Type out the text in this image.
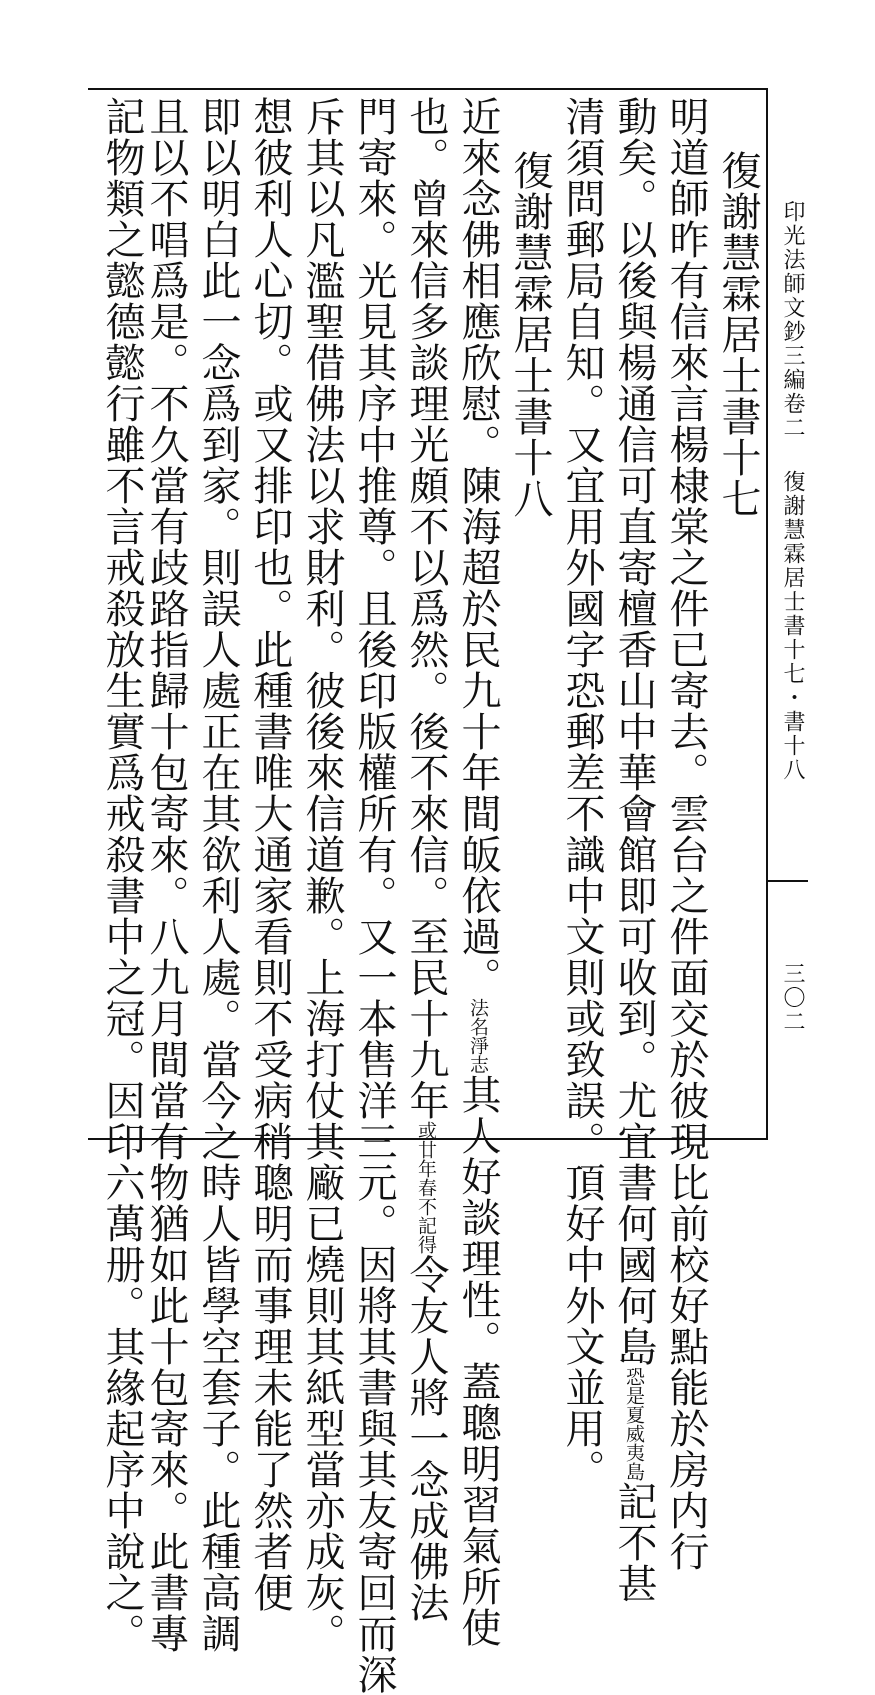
印光法師文鈔三編卷二
復謝慧霖居士書十七・書十八
三〇二
復謝慧霖居士書十七
明道師昨有信來言楊棣棠之件已寄去。雲台之件面交於彼現比前校好點能於房内行
動矣。以後與楊通信可直寄檀香山中華會館即可收到。尤宜書何國何島恐是夏威夷島記不甚
清須問郵局自知。又宜用外國字恐郵差不識中文則或致誤。頂好中外文並用。
復謝慧霖居士書十八
近來念佛相應欣慰。陳海超於民九十年間皈依過。法名淨志其人好談理性。蓋聰明習氣所使
也。曾來信多談理光頗不以爲然。後不來信。至民十九年或廿年春不記得令友人將一念成佛法
門寄來。光見其序中推尊。且後印版權所有。又一本售洋三元。因將其書與其友寄回而深
斥其以凡濫聖借佛法以求財利。彼後來信道歉。上海打仗其廠已燒則其紙型當亦成灰。
想彼利人心切。或又排印也。此種書唯大通家看則不受病稍聰明而事理未能了然者便
即以明白此一念爲到家。則誤人處正在其欲利人處。當今之時人皆學空套子。此種高調
且以不唱爲是。不久當有歧路指歸十包寄來。八九月間當有物猶如此十包寄來。此書專
記物類之懿德懿行雖不言戒殺放生實爲戒殺書中之冠。因印六萬册。其緣起序中說之。
